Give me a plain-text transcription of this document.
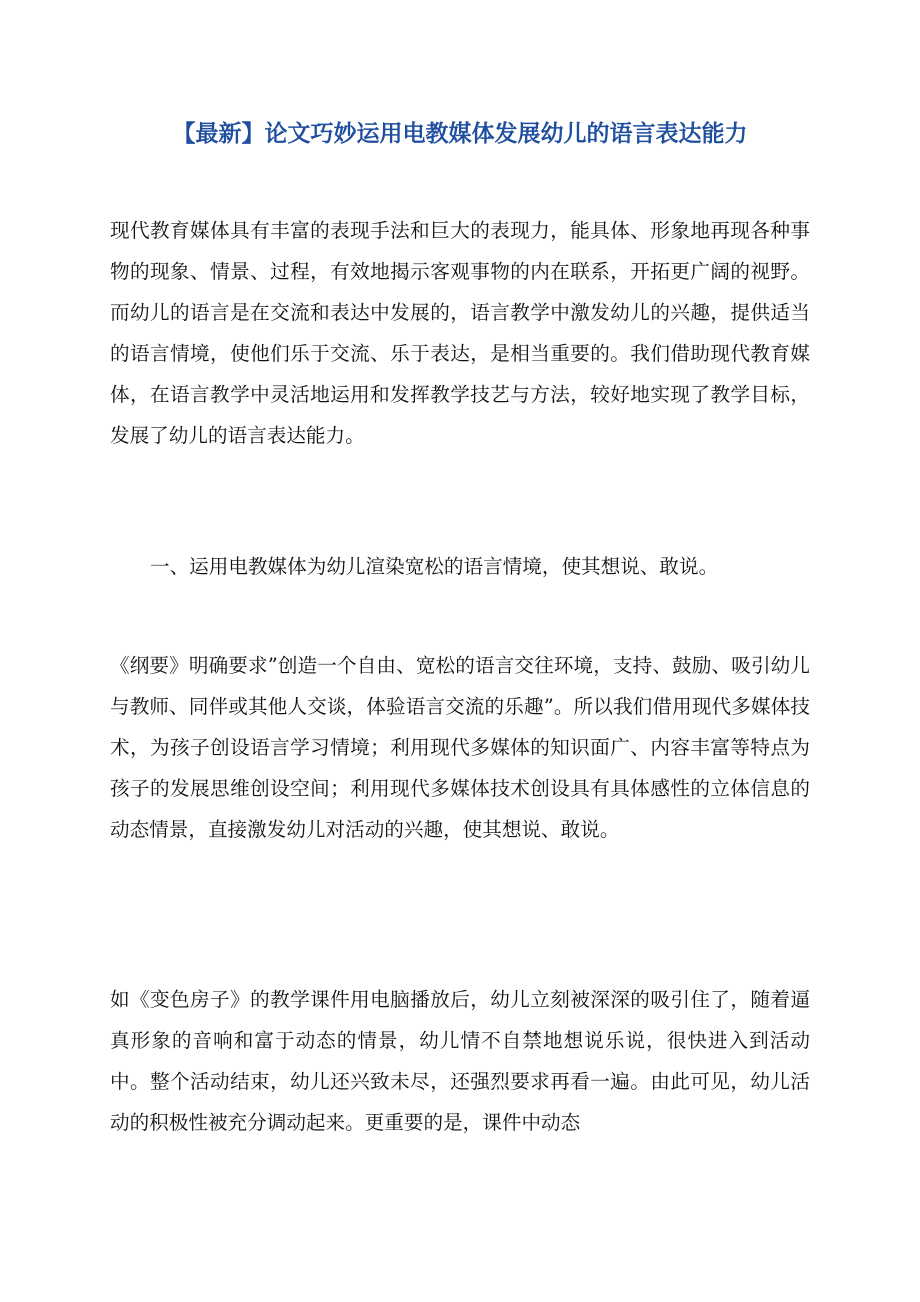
【最新】论文巧妙运用电教媒体发展幼儿的语言表达能力

现代教育媒体具有丰富的表现手法和巨大的表现力，能具体、形象地再现各种事物的现象、情景、过程，有效地揭示客观事物的内在联系，开拓更广阔的视野。而幼儿的语言是在交流和表达中发展的，语言教学中激发幼儿的兴趣，提供适当的语言情境，使他们乐于交流、乐于表达，是相当重要的。我们借助现代教育媒体，在语言教学中灵活地运用和发挥教学技艺与方法，较好地实现了教学目标，发展了幼儿的语言表达能力。

一、运用电教媒体为幼儿渲染宽松的语言情境，使其想说、敢说。

《纲要》明确要求”创造一个自由、宽松的语言交往环境，支持、鼓励、吸引幼儿与教师、同伴或其他人交谈，体验语言交流的乐趣”。所以我们借用现代多媒体技术，为孩子创设语言学习情境；利用现代多媒体的知识面广、内容丰富等特点为孩子的发展思维创设空间；利用现代多媒体技术创设具有具体感性的立体信息的动态情景，直接激发幼儿对活动的兴趣，使其想说、敢说。

如《变色房子》的教学课件用电脑播放后，幼儿立刻被深深的吸引住了，随着逼真形象的音响和富于动态的情景，幼儿情不自禁地想说乐说，很快进入到活动中。整个活动结束，幼儿还兴致未尽，还强烈要求再看一遍。由此可见，幼儿活动的积极性被充分调动起来。更重要的是，课件中动态
